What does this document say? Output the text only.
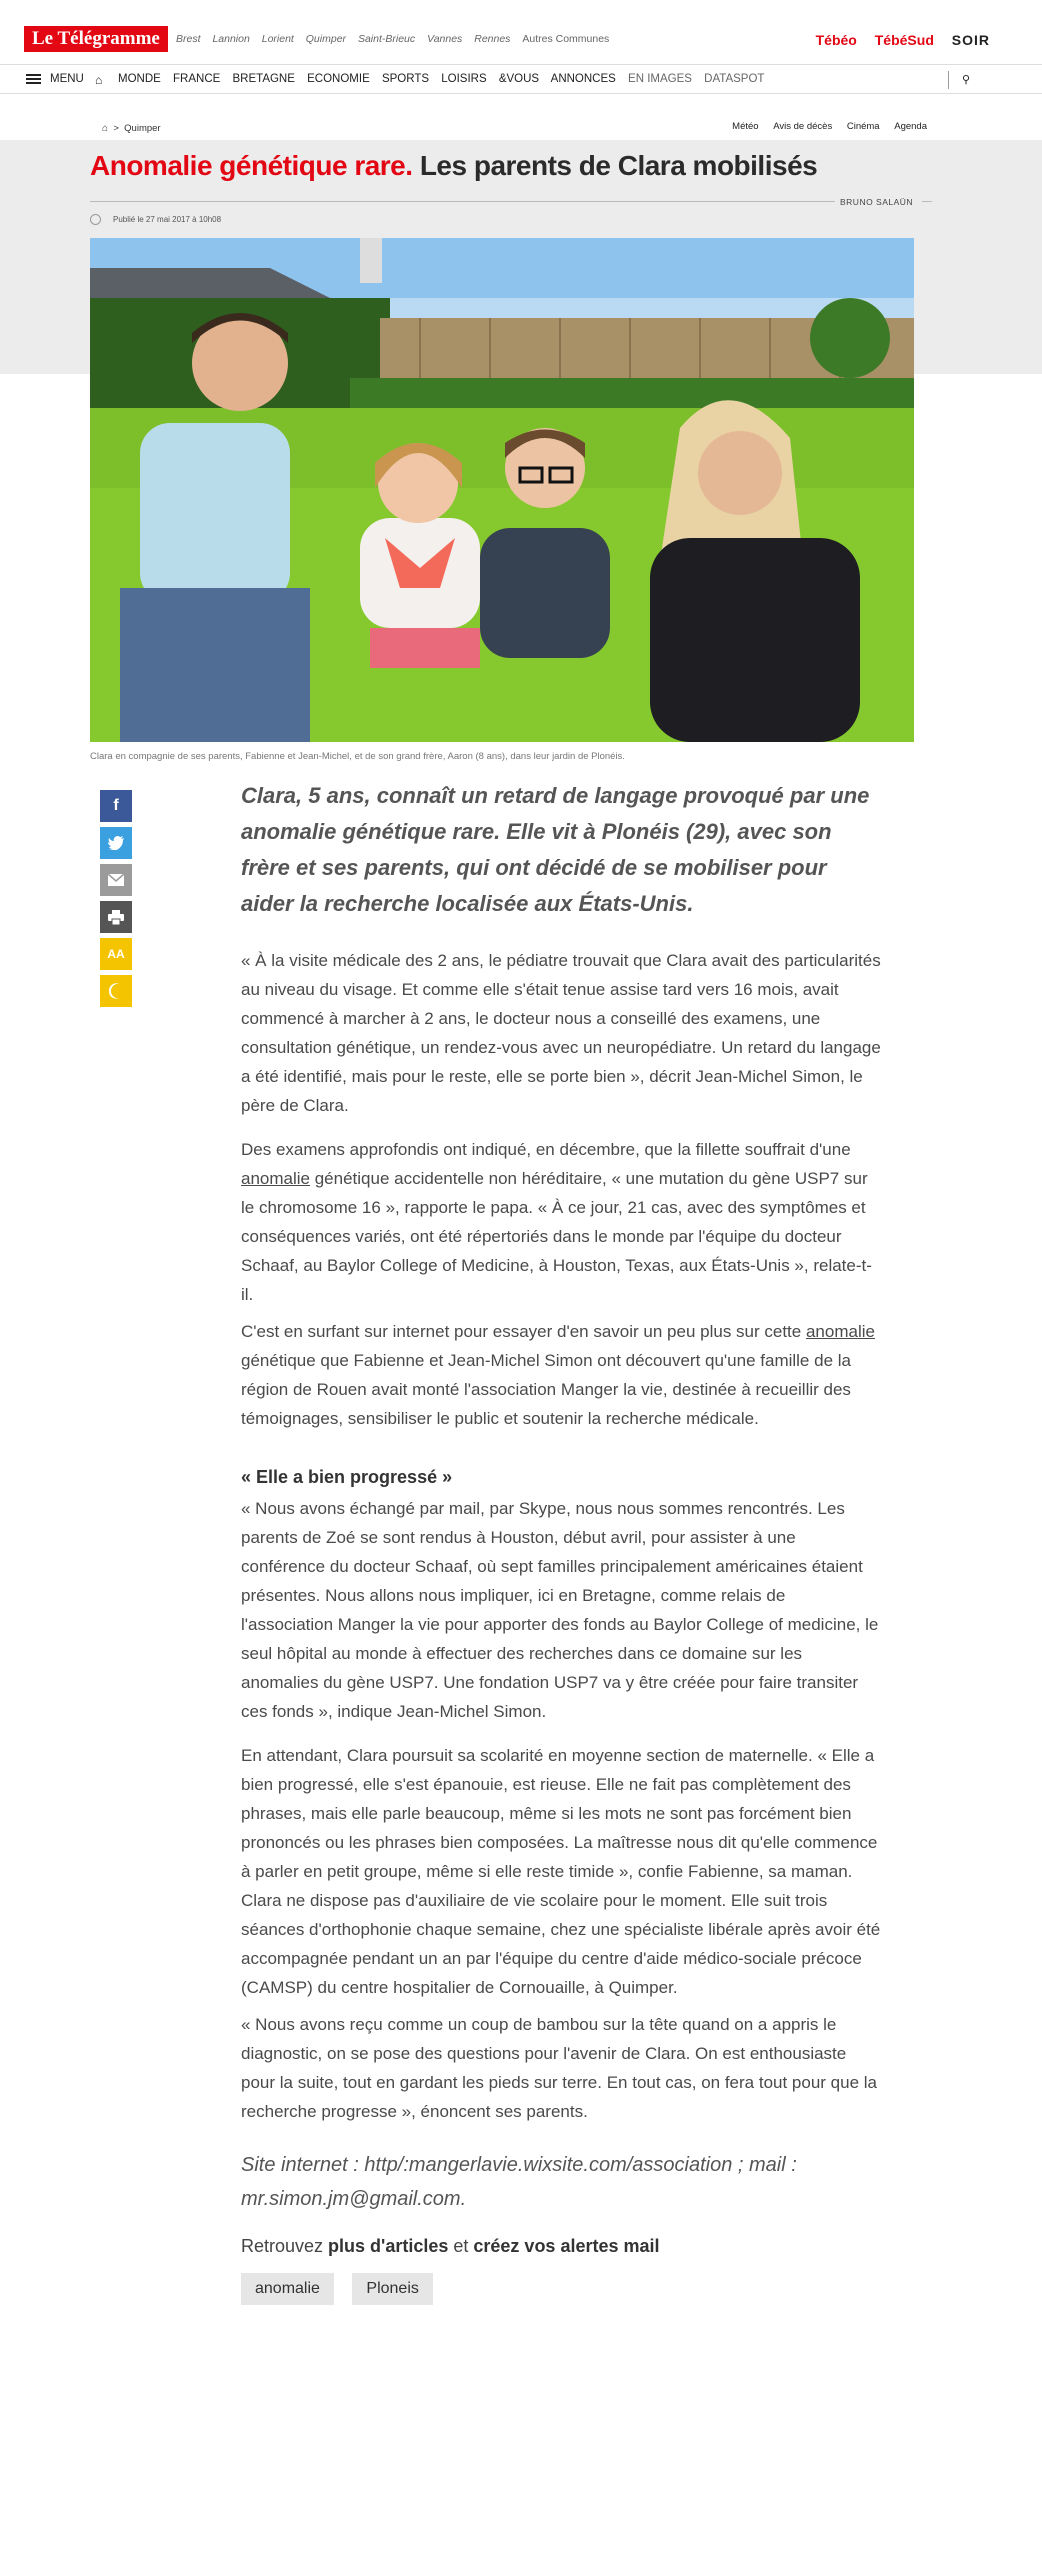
Le Télégramme	Brest Lannion Lorient Quimper Saint-Brieuc Vannes Rennes Autres Communes	Tébéo TébéSud SOIR
MENU ⌂ MONDE FRANCE BRETAGNE ECONOMIE SPORTS LOISIRS &VOUS ANNONCES EN IMAGES DATASPOT	⚲
⌂ > Quimper	Météo Avis de décès Cinéma Agenda
Anomalie génétique rare. Les parents de Clara mobilisés
BRUNO SALAÜN
Publié le 27 mai 2017 à 10h08
Clara en compagnie de ses parents, Fabienne et Jean-Michel, et de son grand frère, Aaron (8 ans), dans leur jardin de Plonéis.
f
AA
Clara, 5 ans, connaît un retard de langage provoqué par une anomalie génétique rare. Elle vit à Plonéis (29), avec son frère et ses parents, qui ont décidé de se mobiliser pour aider la recherche localisée aux États-Unis.
« À la visite médicale des 2 ans, le pédiatre trouvait que Clara avait des particularités au niveau du visage. Et comme elle s'était tenue assise tard vers 16 mois, avait commencé à marcher à 2 ans, le docteur nous a conseillé des examens, une consultation génétique, un rendez-vous avec un neuropédiatre. Un retard du langage a été identifié, mais pour le reste, elle se porte bien », décrit Jean-Michel Simon, le père de Clara.
Des examens approfondis ont indiqué, en décembre, que la fillette souffrait d'une anomalie génétique accidentelle non héréditaire, « une mutation du gène USP7 sur le chromosome 16 », rapporte le papa. « À ce jour, 21 cas, avec des symptômes et conséquences variés, ont été répertoriés dans le monde par l'équipe du docteur Schaaf, au Baylor College of Medicine, à Houston, Texas, aux États-Unis », relate-t-il.
C'est en surfant sur internet pour essayer d'en savoir un peu plus sur cette anomalie génétique que Fabienne et Jean-Michel Simon ont découvert qu'une famille de la région de Rouen avait monté l'association Manger la vie, destinée à recueillir des témoignages, sensibiliser le public et soutenir la recherche médicale.
« Elle a bien progressé »
« Nous avons échangé par mail, par Skype, nous nous sommes rencontrés. Les parents de Zoé se sont rendus à Houston, début avril, pour assister à une conférence du docteur Schaaf, où sept familles principalement américaines étaient présentes. Nous allons nous impliquer, ici en Bretagne, comme relais de l'association Manger la vie pour apporter des fonds au Baylor College of medicine, le seul hôpital au monde à effectuer des recherches dans ce domaine sur les anomalies du gène USP7. Une fondation USP7 va y être créée pour faire transiter ces fonds », indique Jean-Michel Simon.
En attendant, Clara poursuit sa scolarité en moyenne section de maternelle. « Elle a bien progressé, elle s'est épanouie, est rieuse. Elle ne fait pas complètement des phrases, mais elle parle beaucoup, même si les mots ne sont pas forcément bien prononcés ou les phrases bien composées. La maîtresse nous dit qu'elle commence à parler en petit groupe, même si elle reste timide », confie Fabienne, sa maman. Clara ne dispose pas d'auxiliaire de vie scolaire pour le moment. Elle suit trois séances d'orthophonie chaque semaine, chez une spécialiste libérale après avoir été accompagnée pendant un an par l'équipe du centre d'aide médico-sociale précoce (CAMSP) du centre hospitalier de Cornouaille, à Quimper.
« Nous avons reçu comme un coup de bambou sur la tête quand on a appris le diagnostic, on se pose des questions pour l'avenir de Clara. On est enthousiaste pour la suite, tout en gardant les pieds sur terre. En tout cas, on fera tout pour que la recherche progresse », énoncent ses parents.
Site internet : http/:mangerlavie.wixsite.com/association ; mail : mr.simon.jm@gmail.com.
Retrouvez plus d'articles et créez vos alertes mail
anomalie	Ploneis
